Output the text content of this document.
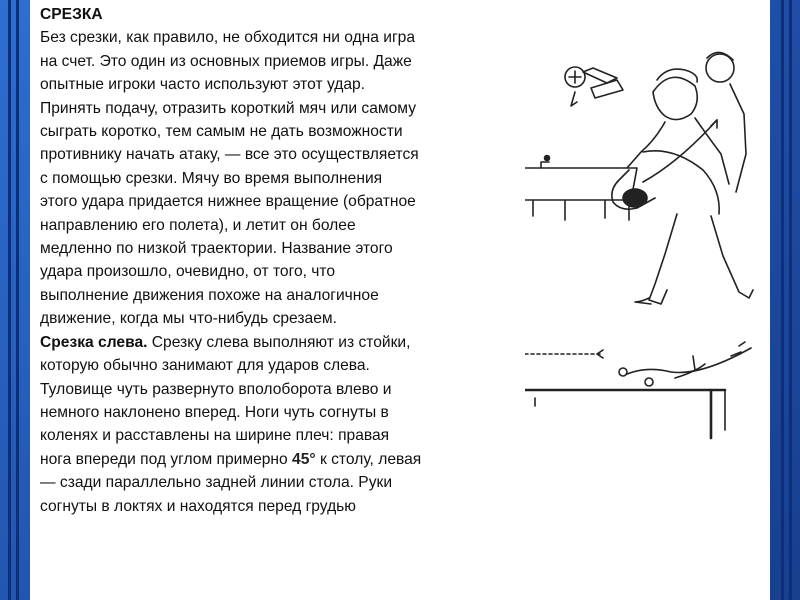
СРЕЗКА

Без срезки, как правило, не обходится ни одна игра

на счет. Это один из основных приемов игры. Даже

опытные игроки часто используют этот удар.

Принять подачу, отразить короткий мяч или самому

сыграть коротко, тем самым не дать возможности

противнику начать атаку, — все это осуществляется

с помощью срезки. Мячу во время выполнения

этого удара придается нижнее вращение (обратное

направлению его полета), и летит он более

медленно по низкой траектории. Название этого

удара произошло, очевидно, от того, что

выполнение движения похоже на аналогичное

движение, когда мы что-нибудь срезаем.

Срезка слева. Срезку слева выполняют из стойки,

которую обычно занимают для ударов слева.

Туловище чуть развернуто вполоборота влево и

немного наклонено вперед. Ноги чуть согнуты в

коленях и расставлены на ширине плеч: правая

нога впереди под углом примерно 45° к столу, левая

— сзади параллельно задней линии стола. Руки

согнуты в локтях и находятся перед грудью
